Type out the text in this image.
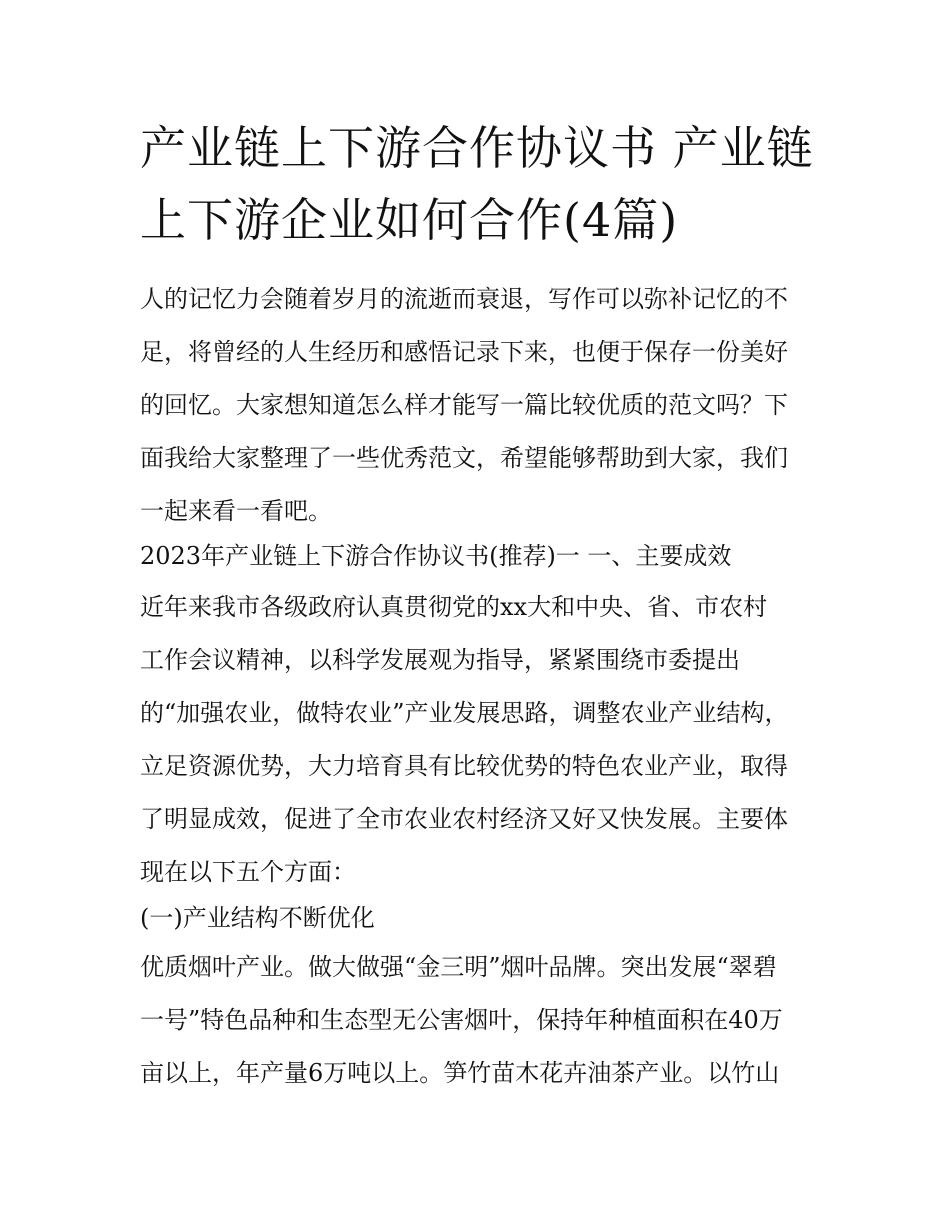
产业链上下游合作协议书 产业链上下游企业如何合作(4篇)

人的记忆力会随着岁月的流逝而衰退，写作可以弥补记忆的不

足，将曾经的人生经历和感悟记录下来，也便于保存一份美好

的回忆。大家想知道怎么样才能写一篇比较优质的范文吗？下

面我给大家整理了一些优秀范文，希望能够帮助到大家，我们

一起来看一看吧。

2023年产业链上下游合作协议书(推荐)一 一、主要成效

近年来我市各级政府认真贯彻党的xx大和中央、省、市农村

工作会议精神，以科学发展观为指导，紧紧围绕市委提出

的“加强农业，做特农业”产业发展思路，调整农业产业结构，

立足资源优势，大力培育具有比较优势的特色农业产业，取得

了明显成效，促进了全市农业农村经济又好又快发展。主要体

现在以下五个方面：

(一)产业结构不断优化

优质烟叶产业。做大做强“金三明”烟叶品牌。突出发展“翠碧

一号”特色品种和生态型无公害烟叶，保持年种植面积在40万

亩以上，年产量6万吨以上。笋竹苗木花卉油茶产业。以竹山
